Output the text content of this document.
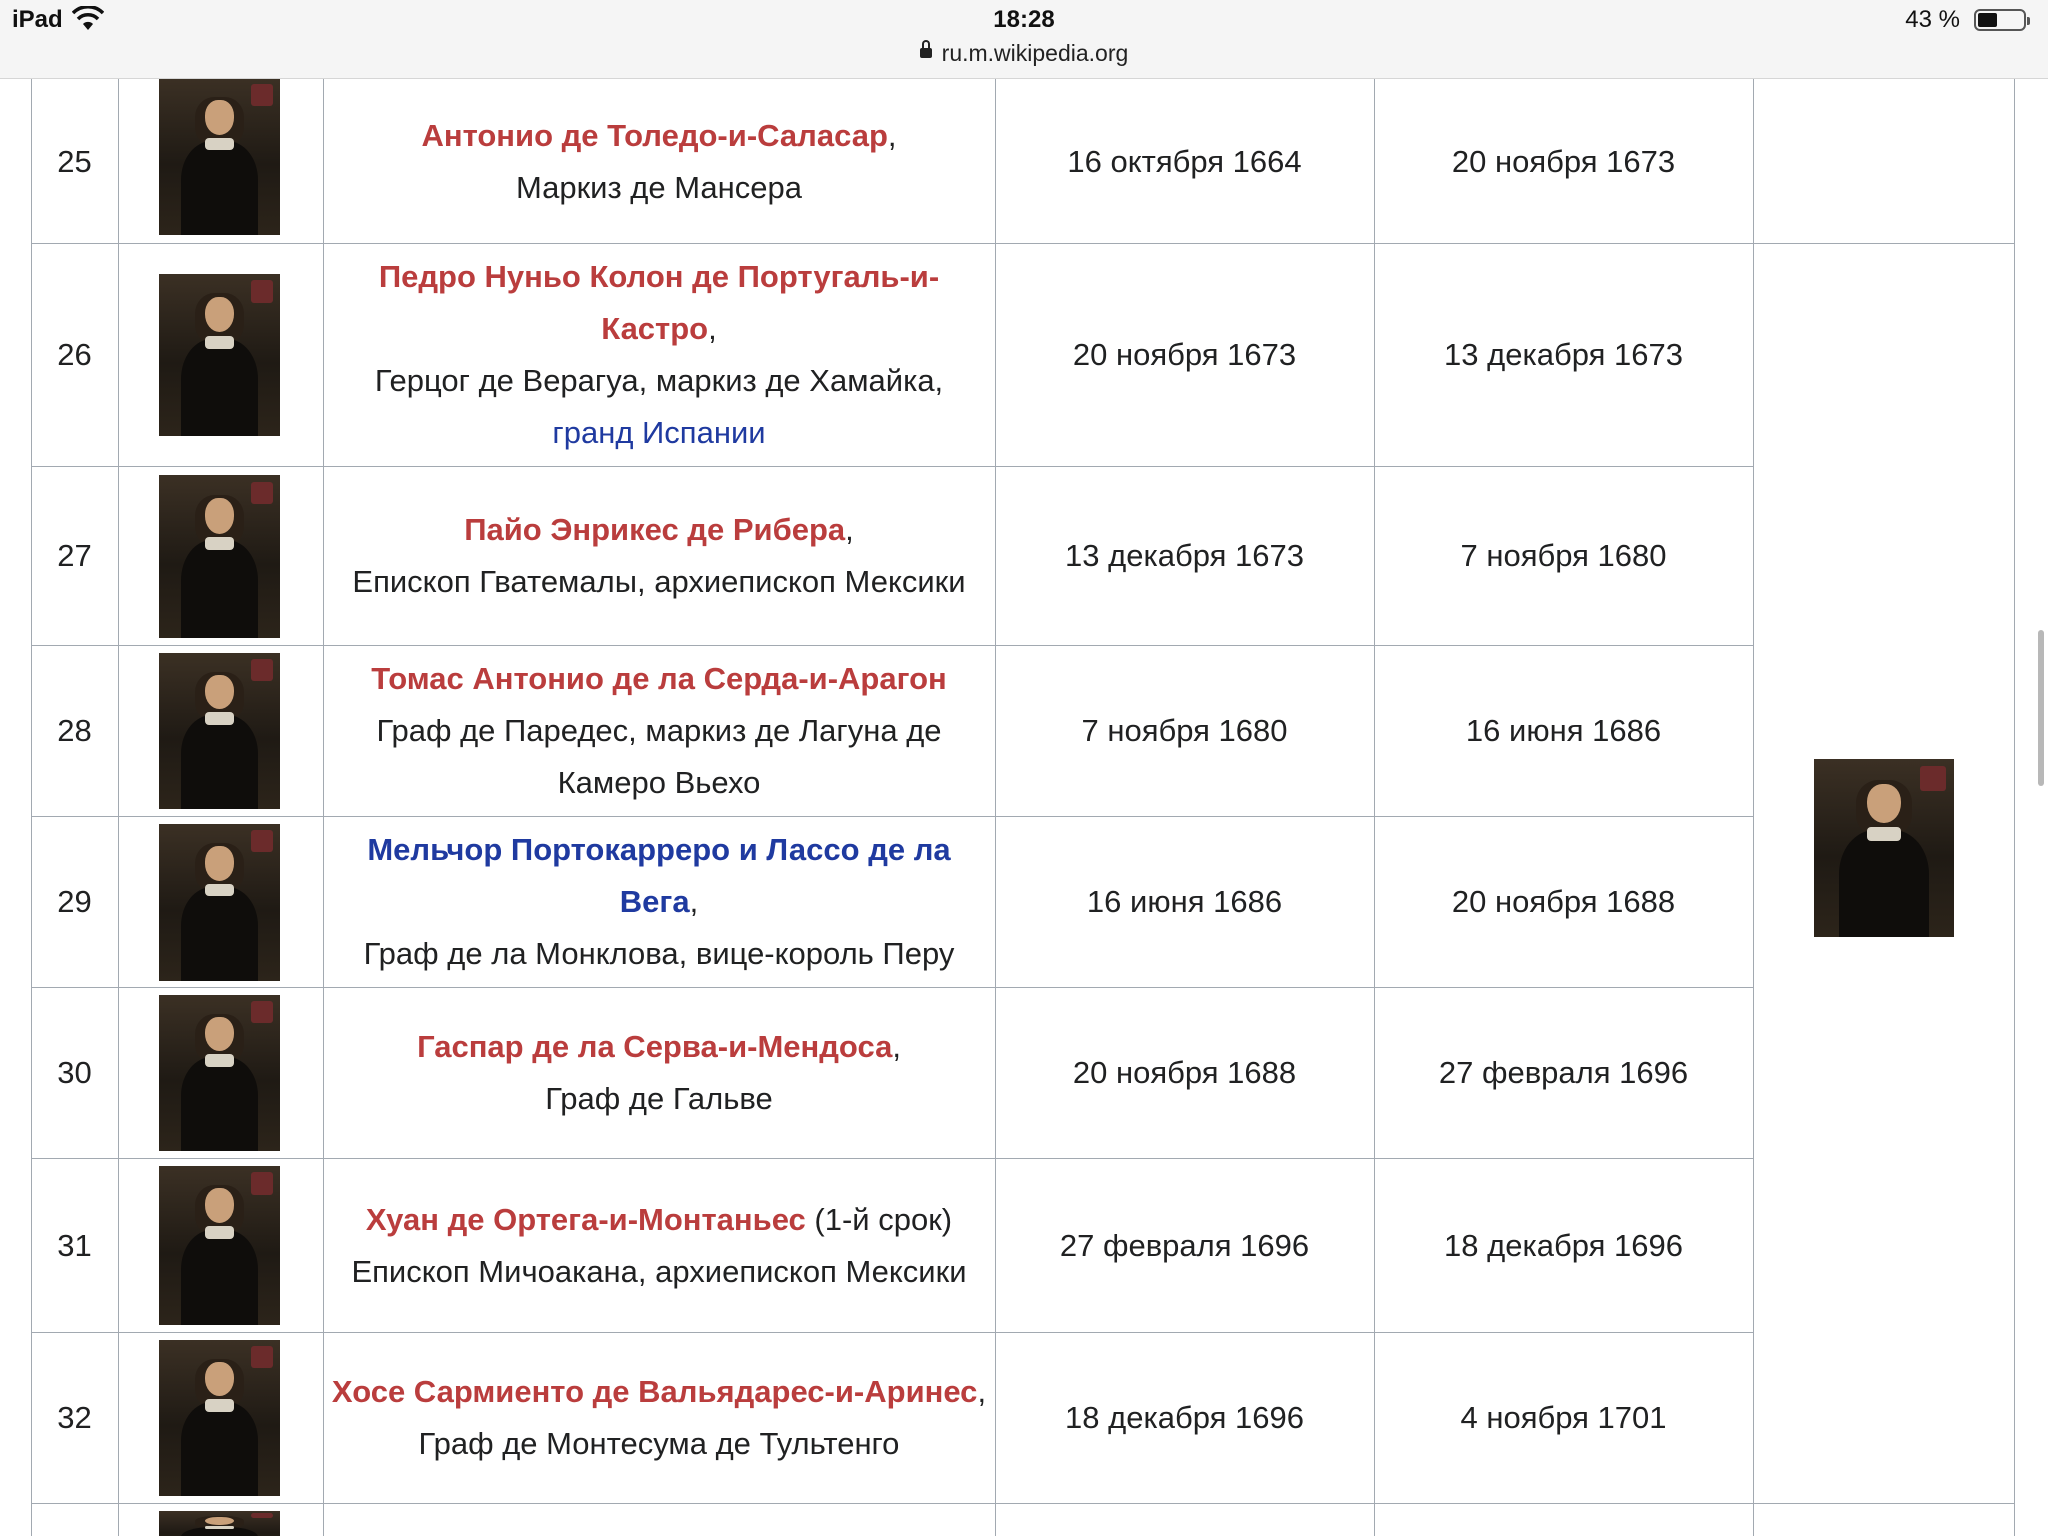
iPad	18:28
ru.m.wikipedia.org
43 %
25
Антонио де Толедо-и-Саласар,
Маркиз де Мансера
16 октября 1664	20 ноября 1673
26
Педро Нуньо Колон де Португаль-и-Кастро,
Герцог де Верагуа, маркиз де Хамайка,
гранд Испании
20 ноября 1673	13 декабря 1673
27
Пайо Энрикес де Рибера,
Епископ Гватемалы, архиепископ Мексики
13 декабря 1673	7 ноября 1680
28
Томас Антонио де ла Серда-и-Арагон
Граф де Паредес, маркиз де Лагуна де Камеро Вьехо
7 ноября 1680	16 июня 1686
29
Мельчор Портокарреро и Лассо де ла Вега,
Граф де ла Монклова, вице-король Перу
16 июня 1686	20 ноября 1688
30
Гаспар де ла Серва-и-Мендоса,
Граф де Гальве
20 ноября 1688	27 февраля 1696
31
Хуан де Ортега-и-Монтаньес (1-й срок)
Епископ Мичоакана, архиепископ Мексики
27 февраля 1696	18 декабря 1696
32
Хосе Сармиенто де Вальядарес-и-Аринес,
Граф де Монтесума де Тультенго
18 декабря 1696	4 ноября 1701
